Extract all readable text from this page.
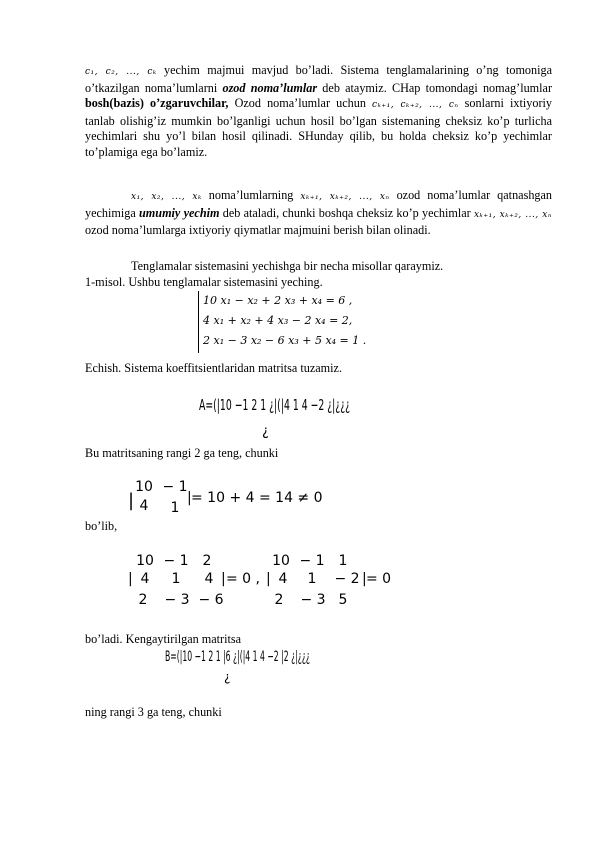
c₁, c₂, ..., cₖ yechim majmui mavjud bo’ladi. Sistema tenglamalarining o’ng tomoniga o’tkazilgan noma’lumlarni ozod noma’lumlar deb ataymiz. CHap tomondagi nomag’lumlar bosh(bazis) o’zgaruvchilar, Ozod noma’lumlar uchun cₖ₊₁, cₖ₊₂, ..., cₙ sonlarni ixtiyoriy tanlab olishig’iz mumkin bo’lganligi uchun hosil bo’lgan sistemaning cheksiz ko’p turlicha yechimlari shu yo’l bilan hosil qilinadi. SHunday qilib, bu holda cheksiz ko’p yechimlar to’plamiga ega bo’lamiz.
x₁, x₂, ..., xₖ noma’lumlarning xₖ₊₁, xₖ₊₂, ..., xₙ ozod noma’lumlar qatnashgan yechimiga umumiy yechim deb ataladi, chunki boshqa cheksiz ko’p yechimlar xₖ₊₁, xₖ₊₂, ..., xₙ ozod noma’lumlarga ixtiyoriy qiymatlar majmuini berish bilan olinadi.
Tenglamalar sistemasini yechishga bir necha misollar qaraymiz.
1-misol. Ushbu tenglamalar sistemasini yeching.
10 x₁ − x₂ + 2 x₃ + x₄ = 6 ,
4 x₁ + x₂ + 4 x₃ − 2 x₄ = 2,
2 x₁ − 3 x₂ − 6 x₃ + 5 x₄ = 1 .
Echish. Sistema koeffitsientlaridan matritsa tuzamiz.
A=(|10 −1 2 1 ¿|(|4 1 4 −2 ¿|¿¿¿
¿
Bu matritsaning rangi 2 ga teng, chunki
|
10 − 1
4	1
| = 10 + 4 = 14 ≠ 0
bo’lib,
|
10 − 1 2
4	1	4
2	− 3 − 6
| = 0 , |
10 − 1 1
4	1	− 2
2	− 3 5
| = 0
bo’ladi. Kengaytirilgan matritsa
B=(|10 −1 2 1 |6 ¿|(|4 1 4 −2 |2 ¿|¿¿¿
¿
ning rangi 3 ga teng, chunki
